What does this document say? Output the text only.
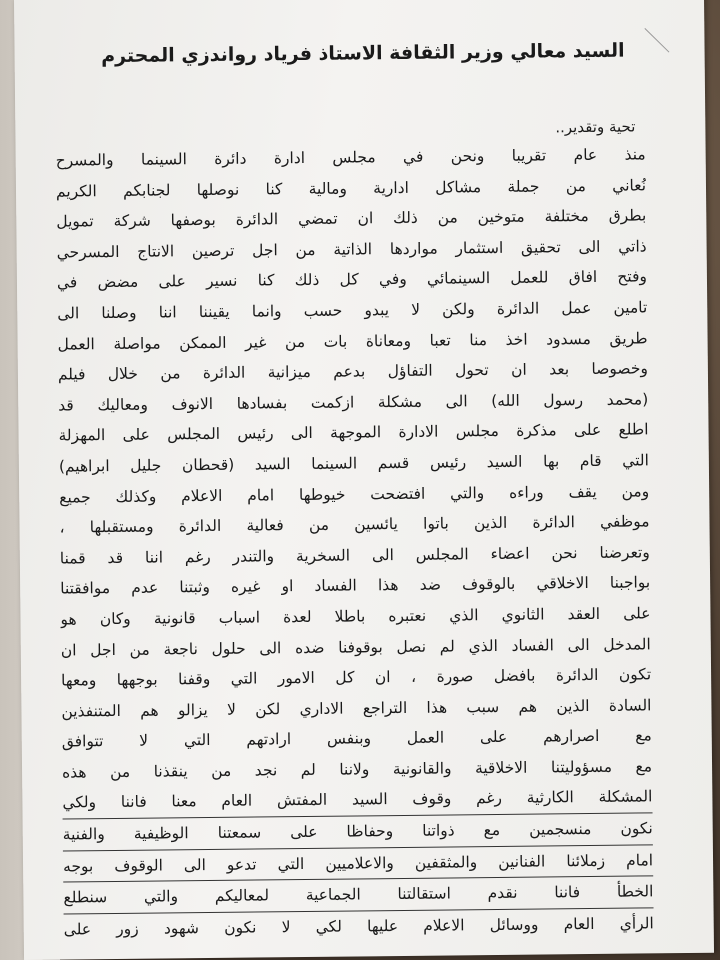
السيد معالي وزير الثقافة الاستاذ فرياد رواندزي المحترم
تحية وتقدير..

منذ عام تقريبا ونحن في مجلس ادارة دائرة السينما والمسرح

نُعاني من جملة مشاكل ادارية ومالية كنا نوصلها لجنابكم الكريم

بطرق مختلفة متوخين من ذلك ان تمضي الدائرة بوصفها شركة تمويل

ذاتي الى تحقيق استثمار مواردها الذاتية من اجل ترصين الانتاج المسرحي

وفتح افاق للعمل السينمائي وفي كل ذلك كنا نسير على مضض في

تامين عمل الدائرة ولكن لا يبدو حسب وانما يقيننا اننا وصلنا الى

طريق مسدود اخذ منا تعبا ومعاناة بات من غير الممكن مواصلة العمل

وخصوصا بعد ان تحول التفاؤل بدعم ميزانية الدائرة من خلال فيلم

(محمد رسول الله) الى مشكلة ازكمت بفسادها الانوف ومعاليك قد

اطلع على مذكرة مجلس الادارة الموجهة الى رئيس المجلس على المهزلة

التي قام بها السيد رئيس قسم السينما السيد (قحطان جليل ابراهيم)

ومن يقف وراءه والتي افتضحت خيوطها امام الاعلام وكذلك جميع

موظفي الدائرة الذين باتوا يائسين من فعالية الدائرة ومستقبلها ،

وتعرضنا نحن اعضاء المجلس الى السخرية والتندر رغم اننا قد قمنا

بواجبنا الاخلاقي بالوقوف ضد هذا الفساد او غيره وثبتنا عدم موافقتنا

على العقد الثانوي الذي نعتبره باطلا لعدة اسباب قانونية وكان هو

المدخل الى الفساد الذي لم نصل بوقوفنا ضده الى حلول ناجعة من اجل ان

تكون الدائرة بافضل صورة ، ان كل الامور التي وقفنا بوجهها ومعها

السادة الذين هم سبب هذا التراجع الاداري لكن لا يزالو هم المتنفذين

مع اصرارهم على العمل وبنفس ارادتهم التي لا تتوافق

مع مسؤوليتنا الاخلاقية والقانونية ولاننا لم نجد من ينقذنا من هذه

المشكلة الكارثية رغم وقوف السيد المفتش العام معنا فاننا ولكي

نكون منسجمين مع ذواتنا وحفاظا على سمعتنا الوظيفية والفنية

امام زملائنا الفنانين والمثقفين والاعلاميين التي تدعو الى الوقوف بوجه

الخطأ فاننا نقدم استقالتنا الجماعية لمعاليكم والتي سنطلع

الرأي العام ووسائل الاعلام عليها لكي لا نكون شهود زور على
